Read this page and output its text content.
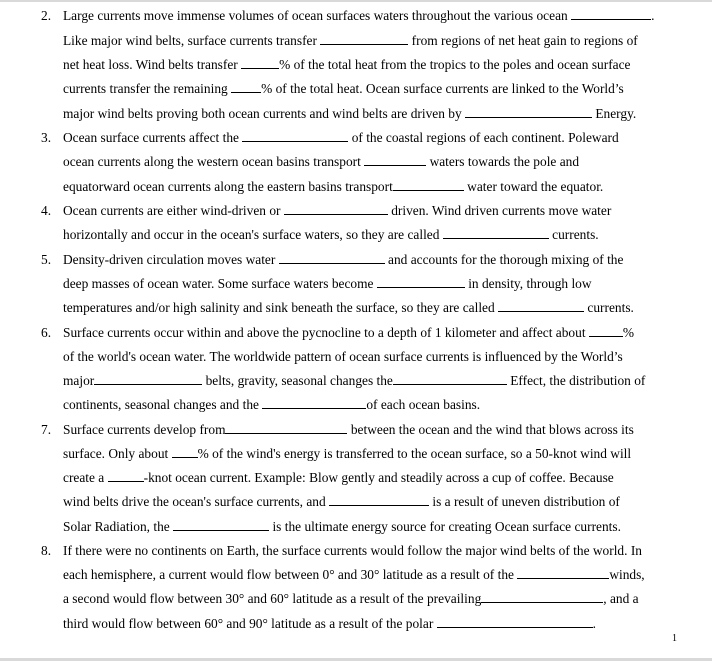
2. Large currents move immense volumes of ocean surfaces waters throughout the various ocean	.
Like major wind belts, surface currents transfer	from regions of net heat gain to regions of
net heat loss. Wind belts transfer	% of the total heat from the tropics to the poles and ocean surface
currents transfer the remaining % of the total heat. Ocean surface currents are linked to the World’s
major wind belts proving both ocean currents and wind belts are driven by	Energy.
3. Ocean surface currents affect the	of the coastal regions of each continent. Poleward
ocean currents along the western ocean basins transport	waters towards the pole and
equatorward ocean currents along the eastern basins transport	water toward the equator.
4. Ocean currents are either wind-driven or	driven. Wind driven currents move water
horizontally and occur in the ocean's surface waters, so they are called	currents.
5. Density-driven circulation moves water	and accounts for the thorough mixing of the
deep masses of ocean water. Some surface waters become	in density, through low
temperatures and/or high salinity and sink beneath the surface, so they are called	currents.
6. Surface currents occur within and above the pycnocline to a depth of 1 kilometer and affect about	%
of the world's ocean water. The worldwide pattern of ocean surface currents is influenced by the World’s
major	belts, gravity, seasonal changes the	Effect, the distribution of
continents, seasonal changes and the	of each ocean basins.
7. Surface currents develop from	between the ocean and the wind that blows across its
surface. Only about % of the wind's energy is transferred to the ocean surface, so a 50-knot wind will
create a	-knot ocean current. Example: Blow gently and steadily across a cup of coffee. Because
wind belts drive the ocean's surface currents, and	is a result of uneven distribution of
Solar Radiation, the	is the ultimate energy source for creating Ocean surface currents.
8. If there were no continents on Earth, the surface currents would follow the major wind belts of the world. In
each hemisphere, a current would flow between 0° and 30° latitude as a result of the	winds,
a second would flow between 30° and 60° latitude as a result of the prevailing	, and a
third would flow between 60° and 90° latitude as a result of the polar	.
1
